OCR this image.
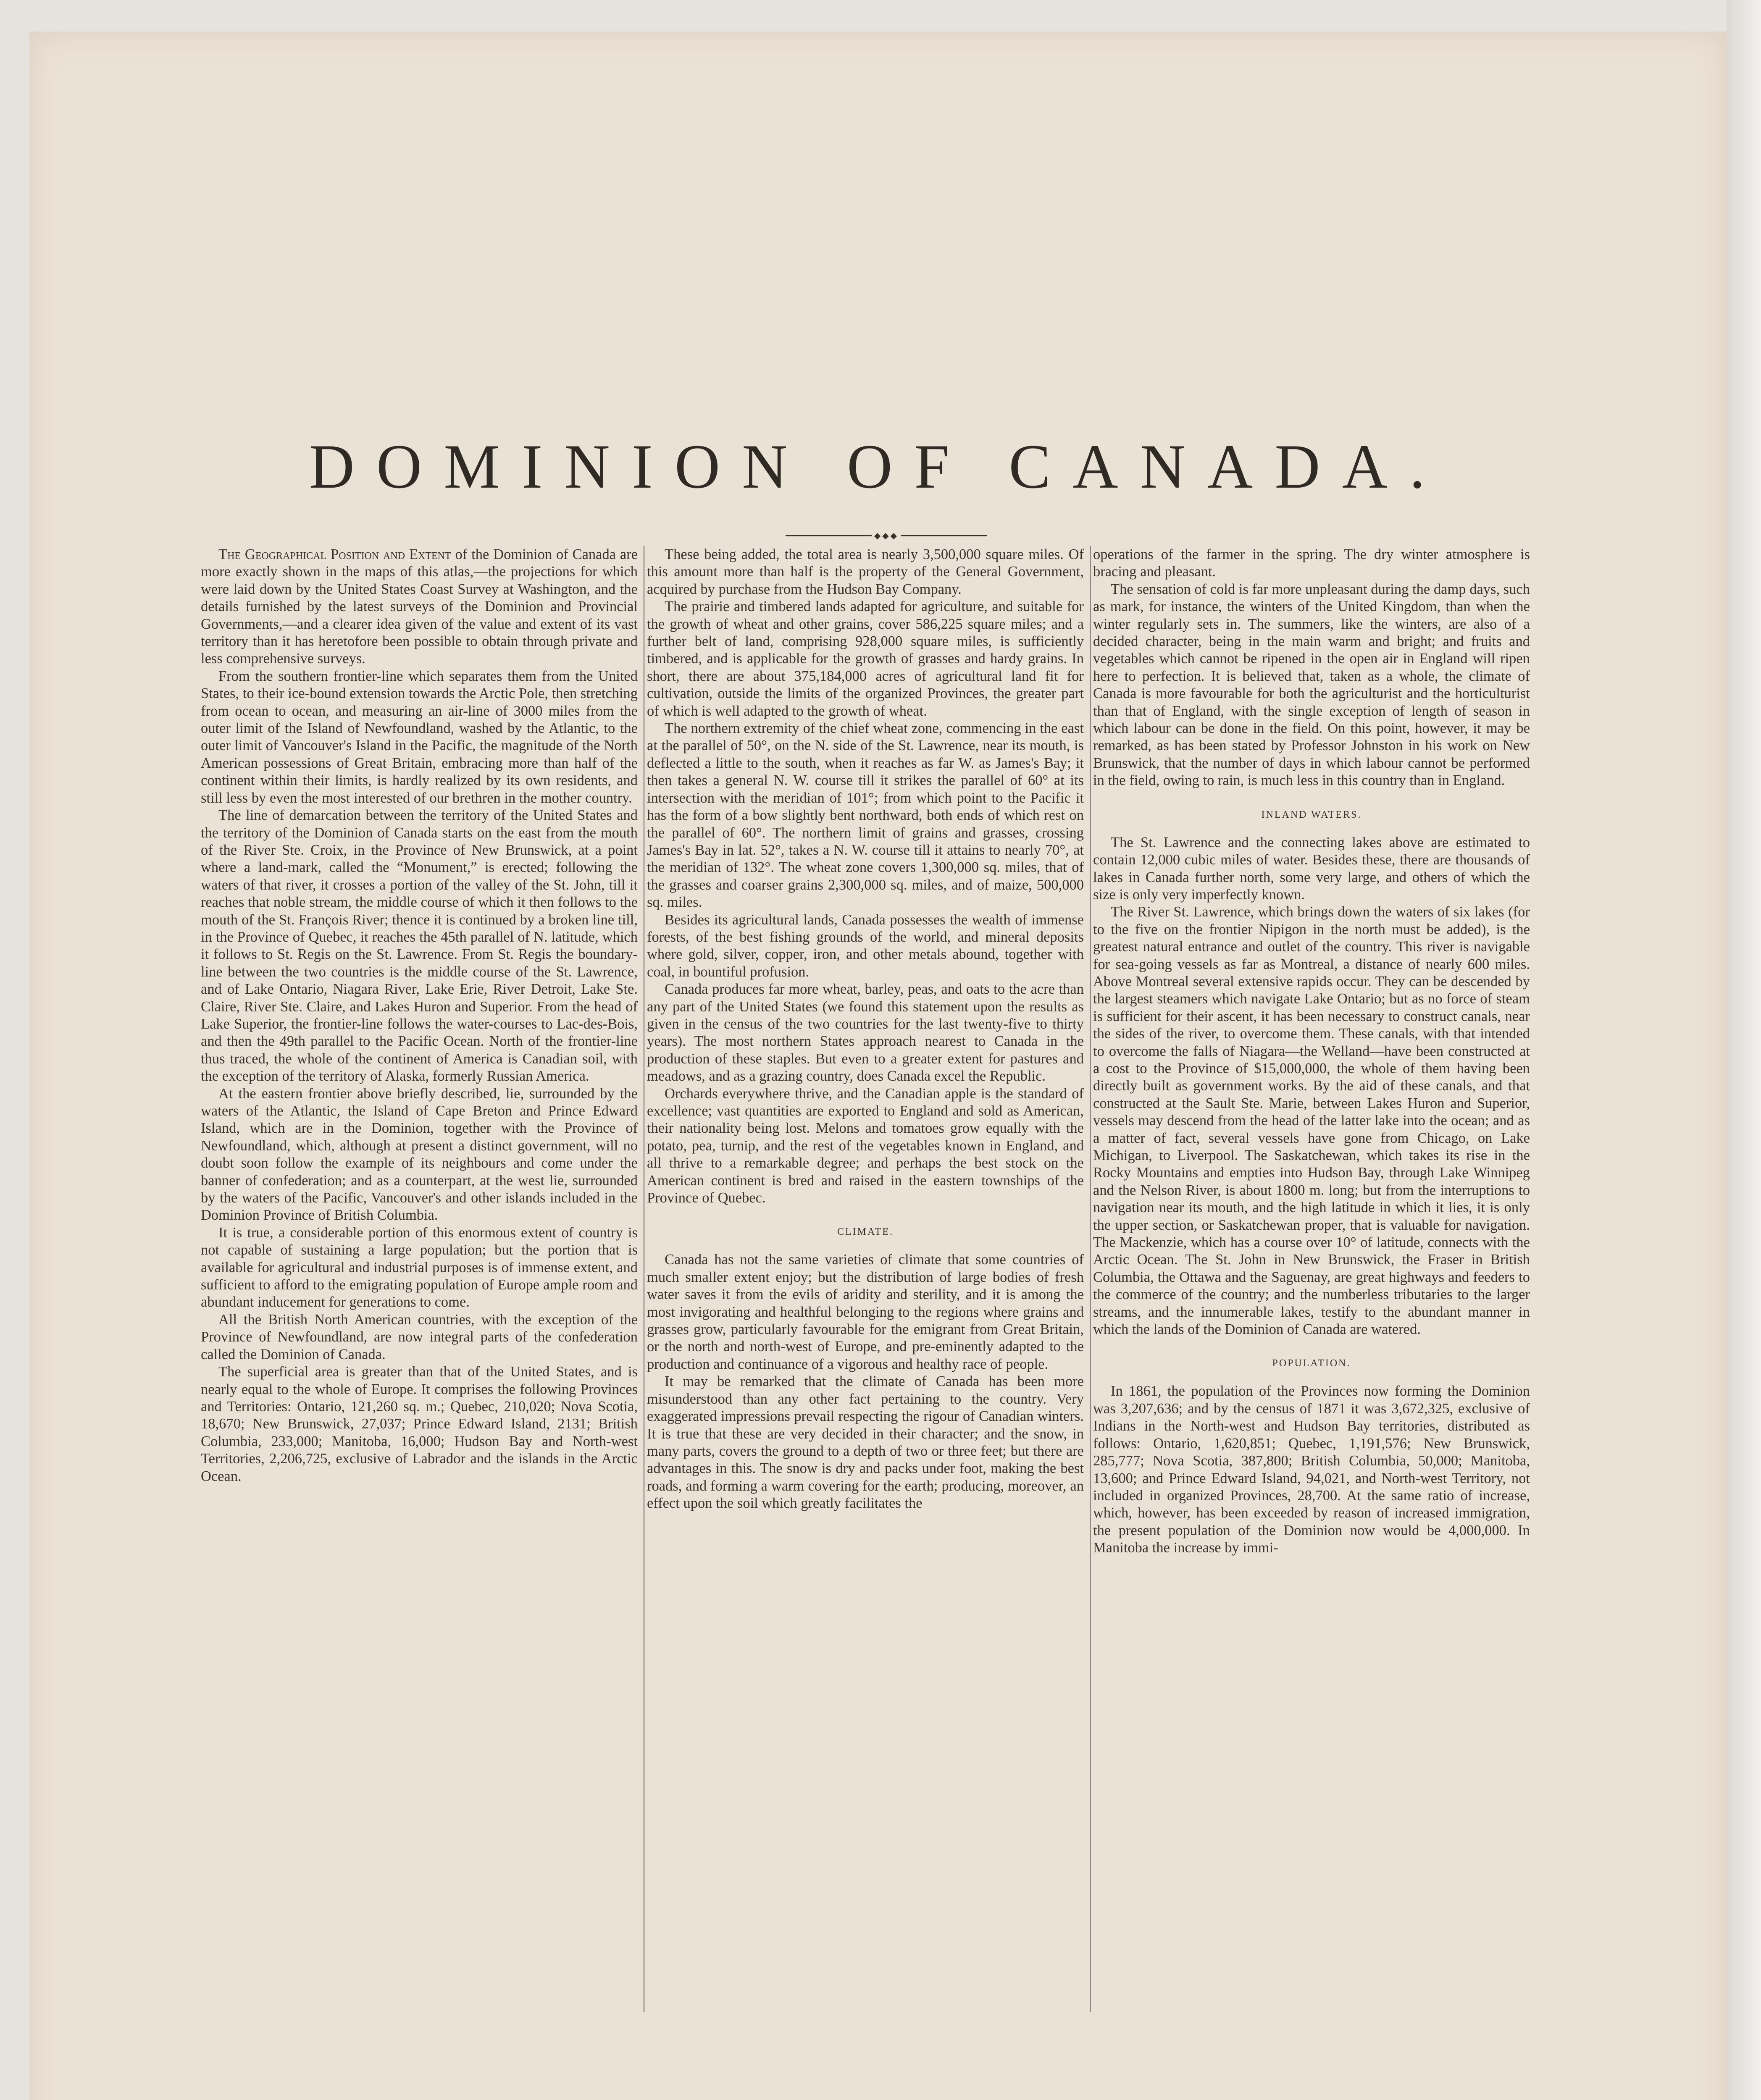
DOMINION OF CANADA.
◆◆◆

The Geographical Position and Extent of the Dominion of Canada are more exactly shown in the maps of this atlas,—the projections for which were laid down by the United States Coast Survey at Washington, and the details furnished by the latest surveys of the Dominion and Provincial Governments,—and a clearer idea given of the value and extent of its vast territory than it has heretofore been possible to obtain through private and less comprehensive surveys.

From the southern frontier-line which separates them from the United States, to their ice-bound extension towards the Arctic Pole, then stretching from ocean to ocean, and measuring an air-line of 3000 miles from the outer limit of the Island of Newfoundland, washed by the Atlantic, to the outer limit of Vancouver's Island in the Pacific, the magnitude of the North American possessions of Great Britain, embracing more than half of the continent within their limits, is hardly realized by its own residents, and still less by even the most interested of our brethren in the mother country.

The line of demarcation between the territory of the United States and the territory of the Dominion of Canada starts on the east from the mouth of the River Ste. Croix, in the Province of New Brunswick, at a point where a land-mark, called the “Monument,” is erected; following the waters of that river, it crosses a portion of the valley of the St. John, till it reaches that noble stream, the middle course of which it then follows to the mouth of the St. François River; thence it is continued by a broken line till, in the Province of Quebec, it reaches the 45th parallel of N. latitude, which it follows to St. Regis on the St. Lawrence. From St. Regis the boundary-line between the two countries is the middle course of the St. Lawrence, and of Lake Ontario, Niagara River, Lake Erie, River Detroit, Lake Ste. Claire, River Ste. Claire, and Lakes Huron and Superior. From the head of Lake Superior, the frontier-line follows the water-courses to Lac-des-Bois, and then the 49th parallel to the Pacific Ocean. North of the frontier-line thus traced, the whole of the continent of America is Canadian soil, with the exception of the territory of Alaska, formerly Russian America.

At the eastern frontier above briefly described, lie, surrounded by the waters of the Atlantic, the Island of Cape Breton and Prince Edward Island, which are in the Dominion, together with the Province of Newfoundland, which, although at present a distinct government, will no doubt soon follow the example of its neighbours and come under the banner of confederation; and as a counterpart, at the west lie, surrounded by the waters of the Pacific, Vancouver's and other islands included in the Dominion Province of British Columbia.

It is true, a considerable portion of this enormous extent of country is not capable of sustaining a large population; but the portion that is available for agricultural and industrial purposes is of immense extent, and sufficient to afford to the emigrating population of Europe ample room and abundant inducement for generations to come.

All the British North American countries, with the exception of the Province of Newfoundland, are now integral parts of the confederation called the Dominion of Canada.

The superficial area is greater than that of the United States, and is nearly equal to the whole of Europe. It comprises the following Provinces and Territories: Ontario, 121,260 sq. m.; Quebec, 210,020; Nova Scotia, 18,670; New Brunswick, 27,037; Prince Edward Island, 2131; British Columbia, 233,000; Manitoba, 16,000; Hudson Bay and North-west Territories, 2,206,725, exclusive of Labrador and the islands in the Arctic Ocean.

These being added, the total area is nearly 3,500,000 square miles. Of this amount more than half is the property of the General Government, acquired by purchase from the Hudson Bay Company.

The prairie and timbered lands adapted for agriculture, and suitable for the growth of wheat and other grains, cover 586,225 square miles; and a further belt of land, comprising 928,000 square miles, is sufficiently timbered, and is applicable for the growth of grasses and hardy grains. In short, there are about 375,184,000 acres of agricultural land fit for cultivation, outside the limits of the organized Provinces, the greater part of which is well adapted to the growth of wheat.

The northern extremity of the chief wheat zone, commencing in the east at the parallel of 50°, on the N. side of the St. Lawrence, near its mouth, is deflected a little to the south, when it reaches as far W. as James's Bay; it then takes a general N. W. course till it strikes the parallel of 60° at its intersection with the meridian of 101°; from which point to the Pacific it has the form of a bow slightly bent northward, both ends of which rest on the parallel of 60°. The northern limit of grains and grasses, crossing James's Bay in lat. 52°, takes a N. W. course till it attains to nearly 70°, at the meridian of 132°. The wheat zone covers 1,300,000 sq. miles, that of the grasses and coarser grains 2,300,000 sq. miles, and of maize, 500,000 sq. miles.

Besides its agricultural lands, Canada possesses the wealth of immense forests, of the best fishing grounds of the world, and mineral deposits where gold, silver, copper, iron, and other metals abound, together with coal, in bountiful profusion.

Canada produces far more wheat, barley, peas, and oats to the acre than any part of the United States (we found this statement upon the results as given in the census of the two countries for the last twenty-five to thirty years). The most northern States approach nearest to Canada in the production of these staples. But even to a greater extent for pastures and meadows, and as a grazing country, does Canada excel the Republic.

Orchards everywhere thrive, and the Canadian apple is the standard of excellence; vast quantities are exported to England and sold as American, their nationality being lost. Melons and tomatoes grow equally with the potato, pea, turnip, and the rest of the vegetables known in England, and all thrive to a remarkable degree; and perhaps the best stock on the American continent is bred and raised in the eastern townships of the Province of Quebec.

CLIMATE.

Canada has not the same varieties of climate that some countries of much smaller extent enjoy; but the distribution of large bodies of fresh water saves it from the evils of aridity and sterility, and it is among the most invigorating and healthful belonging to the regions where grains and grasses grow, particularly favourable for the emigrant from Great Britain, or the north and north-west of Europe, and pre-eminently adapted to the production and continuance of a vigorous and healthy race of people.

It may be remarked that the climate of Canada has been more misunderstood than any other fact pertaining to the country. Very exaggerated impressions prevail respecting the rigour of Canadian winters. It is true that these are very decided in their character; and the snow, in many parts, covers the ground to a depth of two or three feet; but there are advantages in this. The snow is dry and packs under foot, making the best roads, and forming a warm covering for the earth; producing, moreover, an effect upon the soil which greatly facilitates the

operations of the farmer in the spring. The dry winter atmosphere is bracing and pleasant.

The sensation of cold is far more unpleasant during the damp days, such as mark, for instance, the winters of the United Kingdom, than when the winter regularly sets in. The summers, like the winters, are also of a decided character, being in the main warm and bright; and fruits and vegetables which cannot be ripened in the open air in England will ripen here to perfection. It is believed that, taken as a whole, the climate of Canada is more favourable for both the agriculturist and the horticulturist than that of England, with the single exception of length of season in which labour can be done in the field. On this point, however, it may be remarked, as has been stated by Professor Johnston in his work on New Brunswick, that the number of days in which labour cannot be performed in the field, owing to rain, is much less in this country than in England.

INLAND WATERS.

The St. Lawrence and the connecting lakes above are estimated to contain 12,000 cubic miles of water. Besides these, there are thousands of lakes in Canada further north, some very large, and others of which the size is only very imperfectly known.

The River St. Lawrence, which brings down the waters of six lakes (for to the five on the frontier Nipigon in the north must be added), is the greatest natural entrance and outlet of the country. This river is navigable for sea-going vessels as far as Montreal, a distance of nearly 600 miles. Above Montreal several extensive rapids occur. They can be descended by the largest steamers which navigate Lake Ontario; but as no force of steam is sufficient for their ascent, it has been necessary to construct canals, near the sides of the river, to overcome them. These canals, with that intended to overcome the falls of Niagara—the Welland—have been constructed at a cost to the Province of $15,000,000, the whole of them having been directly built as government works. By the aid of these canals, and that constructed at the Sault Ste. Marie, between Lakes Huron and Superior, vessels may descend from the head of the latter lake into the ocean; and as a matter of fact, several vessels have gone from Chicago, on Lake Michigan, to Liverpool. The Saskatchewan, which takes its rise in the Rocky Mountains and empties into Hudson Bay, through Lake Winnipeg and the Nelson River, is about 1800 m. long; but from the interruptions to navigation near its mouth, and the high latitude in which it lies, it is only the upper section, or Saskatchewan proper, that is valuable for navigation. The Mackenzie, which has a course over 10° of latitude, connects with the Arctic Ocean. The St. John in New Brunswick, the Fraser in British Columbia, the Ottawa and the Saguenay, are great highways and feeders to the commerce of the country; and the numberless tributaries to the larger streams, and the innumerable lakes, testify to the abundant manner in which the lands of the Dominion of Canada are watered.

POPULATION.

In 1861, the population of the Provinces now forming the Dominion was 3,207,636; and by the census of 1871 it was 3,672,325, exclusive of Indians in the North-west and Hudson Bay territories, distributed as follows: Ontario, 1,620,851; Quebec, 1,191,576; New Brunswick, 285,777; Nova Scotia, 387,800; British Columbia, 50,000; Manitoba, 13,600; and Prince Edward Island, 94,021, and North-west Territory, not included in organized Provinces, 28,700. At the same ratio of increase, which, however, has been exceeded by reason of increased immigration, the present population of the Dominion now would be 4,000,000. In Manitoba the increase by immi-
